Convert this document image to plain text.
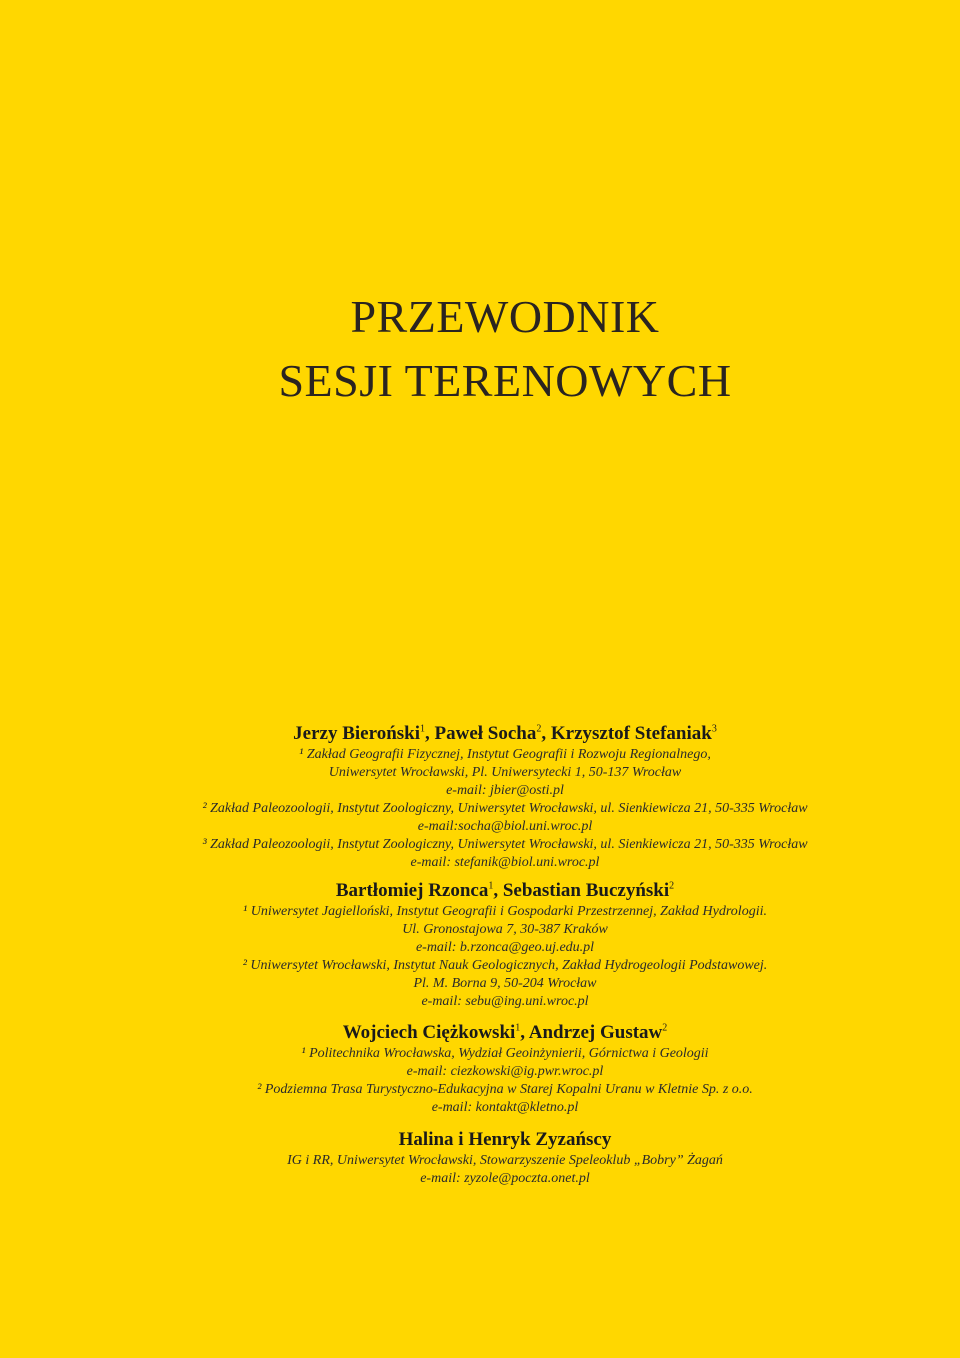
PRZEWODNIK
SESJI TERENOWYCH
Jerzy Bieroński$^1$, Paweł Socha$^2$, Krzysztof Stefaniak$^3$
¹ Zakład Geografii Fizycznej, Instytut Geografii i Rozwoju Regionalnego,
Uniwersytet Wrocławski, Pl. Uniwersytecki 1, 50-137 Wrocław
e-mail: jbier@osti.pl
² Zakład Paleozoologii, Instytut Zoologiczny, Uniwersytet Wrocławski, ul. Sienkiewicza 21, 50-335 Wrocław
e-mail:socha@biol.uni.wroc.pl
³ Zakład Paleozoologii, Instytut Zoologiczny, Uniwersytet Wrocławski, ul. Sienkiewicza 21, 50-335 Wrocław
e-mail: stefanik@biol.uni.wroc.pl
Bartłomiej Rzonca$^1$, Sebastian Buczyński$^2$
¹ Uniwersytet Jagielloński, Instytut Geografii i Gospodarki Przestrzennej, Zakład Hydrologii.
Ul. Gronostajowa 7, 30-387 Kraków
e-mail: b.rzonca@geo.uj.edu.pl
² Uniwersytet Wrocławski, Instytut Nauk Geologicznych, Zakład Hydrogeologii Podstawowej.
Pl. M. Borna 9, 50-204 Wrocław
e-mail: sebu@ing.uni.wroc.pl
Wojciech Ciężkowski$^1$, Andrzej Gustaw$^2$
¹ Politechnika Wrocławska, Wydział Geoinżynierii, Górnictwa i Geologii
e-mail: ciezkowski@ig.pwr.wroc.pl
² Podziemna Trasa Turystyczno-Edukacyjna w Starej Kopalni Uranu w Kletnie Sp. z o.o.
e-mail: kontakt@kletno.pl
Halina i Henryk Zyzańscy
IG i RR, Uniwersytet Wrocławski, Stowarzyszenie Speleoklub „Bobry” Żagań
e-mail: zyzole@poczta.onet.pl
